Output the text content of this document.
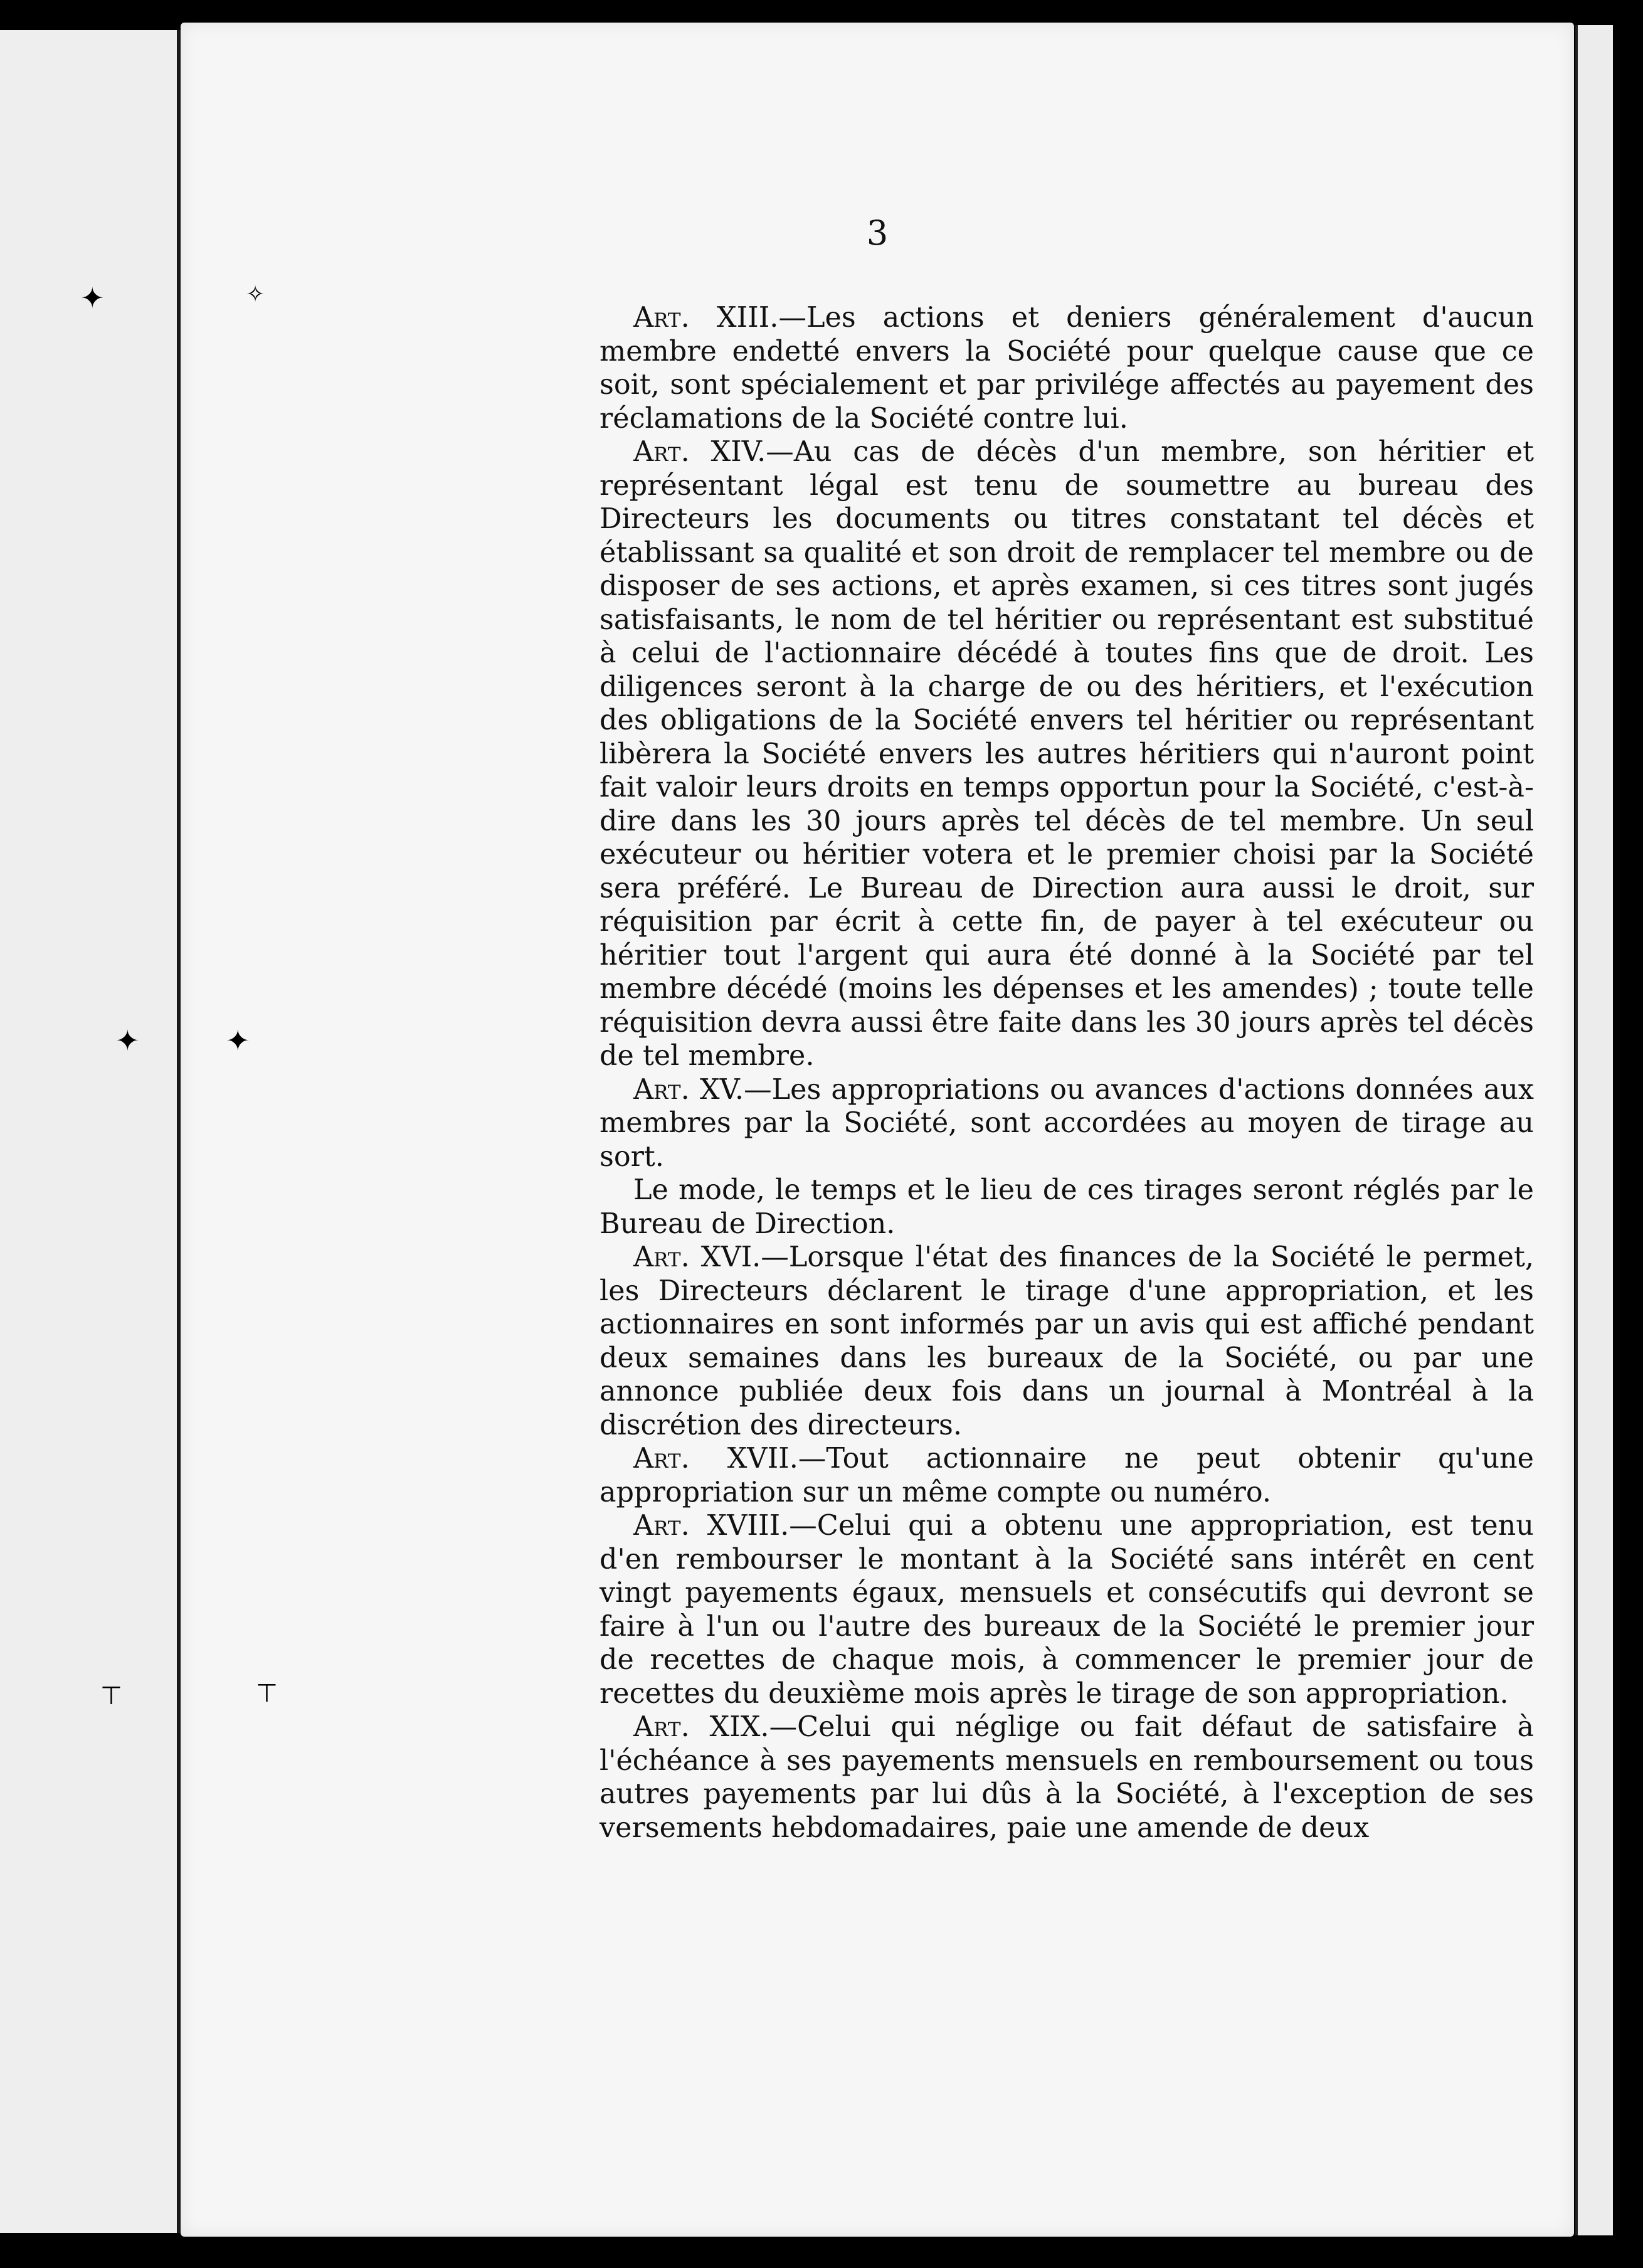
3

Art. XIII.—Les actions et deniers généralement d'aucun membre endetté envers la Société pour quelque cause que ce soit, sont spécialement et par privilége affectés au payement des réclamations de la Société contre lui.

Art. XIV.—Au cas de décès d'un membre, son héritier et représentant légal est tenu de soumettre au bureau des Directeurs les documents ou titres constatant tel décès et établissant sa qualité et son droit de remplacer tel membre ou de disposer de ses actions, et après examen, si ces titres sont jugés satisfaisants, le nom de tel héritier ou représentant est substitué à celui de l'actionnaire décédé à toutes fins que de droit. Les diligences seront à la charge de ou des héritiers, et l'exécution des obligations de la Société envers tel héritier ou représentant libèrera la Société envers les autres héritiers qui n'auront point fait valoir leurs droits en temps opportun pour la Société, c'est-à-dire dans les 30 jours après tel décès de tel membre. Un seul exécuteur ou héritier votera et le premier choisi par la Société sera préféré. Le Bureau de Direction aura aussi le droit, sur réquisition par écrit à cette fin, de payer à tel exécuteur ou héritier tout l'argent qui aura été donné à la Société par tel membre décédé (moins les dépenses et les amendes) ; toute telle réquisition devra aussi être faite dans les 30 jours après tel décès de tel membre.

Art. XV.—Les appropriations ou avances d'actions données aux membres par la Société, sont accordées au moyen de tirage au sort.

Le mode, le temps et le lieu de ces tirages seront réglés par le Bureau de Direction.

Art. XVI.—Lorsque l'état des finances de la Société le permet, les Directeurs déclarent le tirage d'une appropriation, et les actionnaires en sont informés par un avis qui est affiché pendant deux semaines dans les bureaux de la Société, ou par une annonce publiée deux fois dans un journal à Montréal à la discrétion des directeurs.

Art. XVII.—Tout actionnaire ne peut obtenir qu'une appropriation sur un même compte ou numéro.

Art. XVIII.—Celui qui a obtenu une appropriation, est tenu d'en rembourser le montant à la Société sans intérêt en cent vingt payements égaux, mensuels et consécutifs qui devront se faire à l'un ou l'autre des bureaux de la Société le premier jour de recettes de chaque mois, à commencer le premier jour de recettes du deuxième mois après le tirage de son appropriation.

Art. XIX.—Celui qui néglige ou fait défaut de satisfaire à l'échéance à ses payements mensuels en remboursement ou tous autres payements par lui dûs à la Société, à l'exception de ses versements hebdomadaires, paie une amende de deux

✦	✧
✦	✦
⊤	⊤
